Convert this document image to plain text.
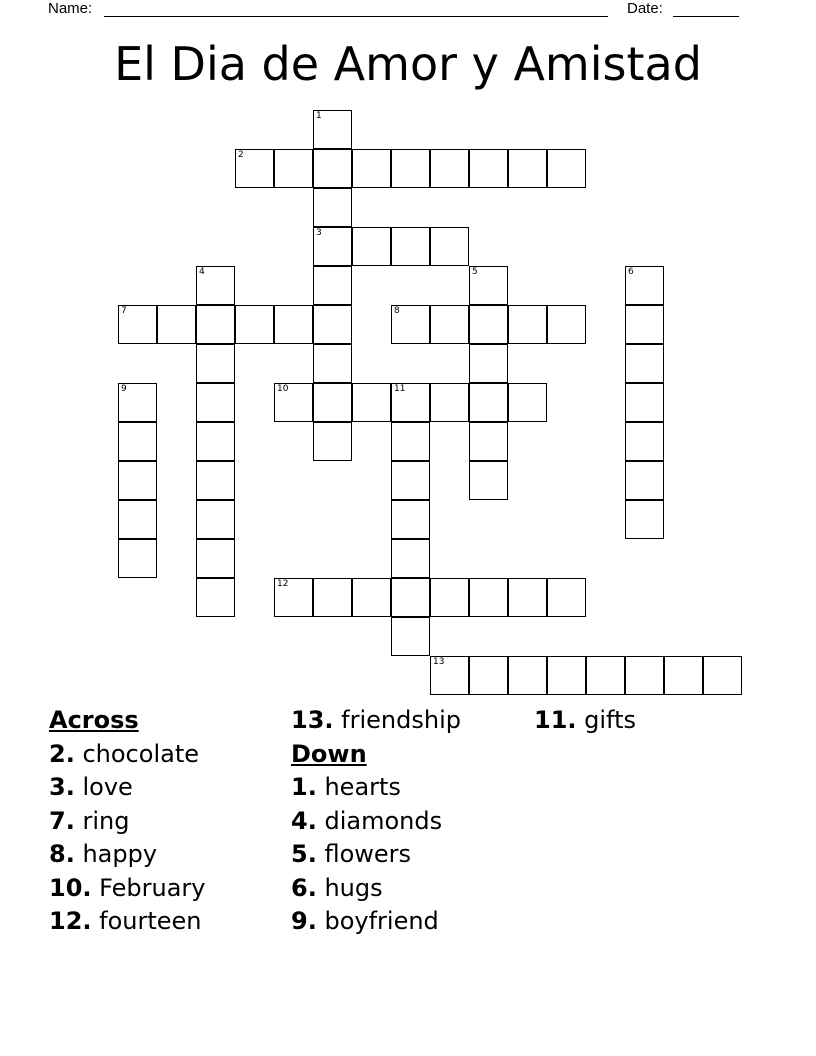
Name:	Date:
El Dia de Amor y Amistad
1
2
3
4	5	6
7	8
9	10	11
12
13
Across
2. chocolate
3. love
7. ring
8. happy
10. February
12. fourteen
13. friendship
Down
1. hearts
4. diamonds
5. flowers
6. hugs
9. boyfriend
11. gifts
